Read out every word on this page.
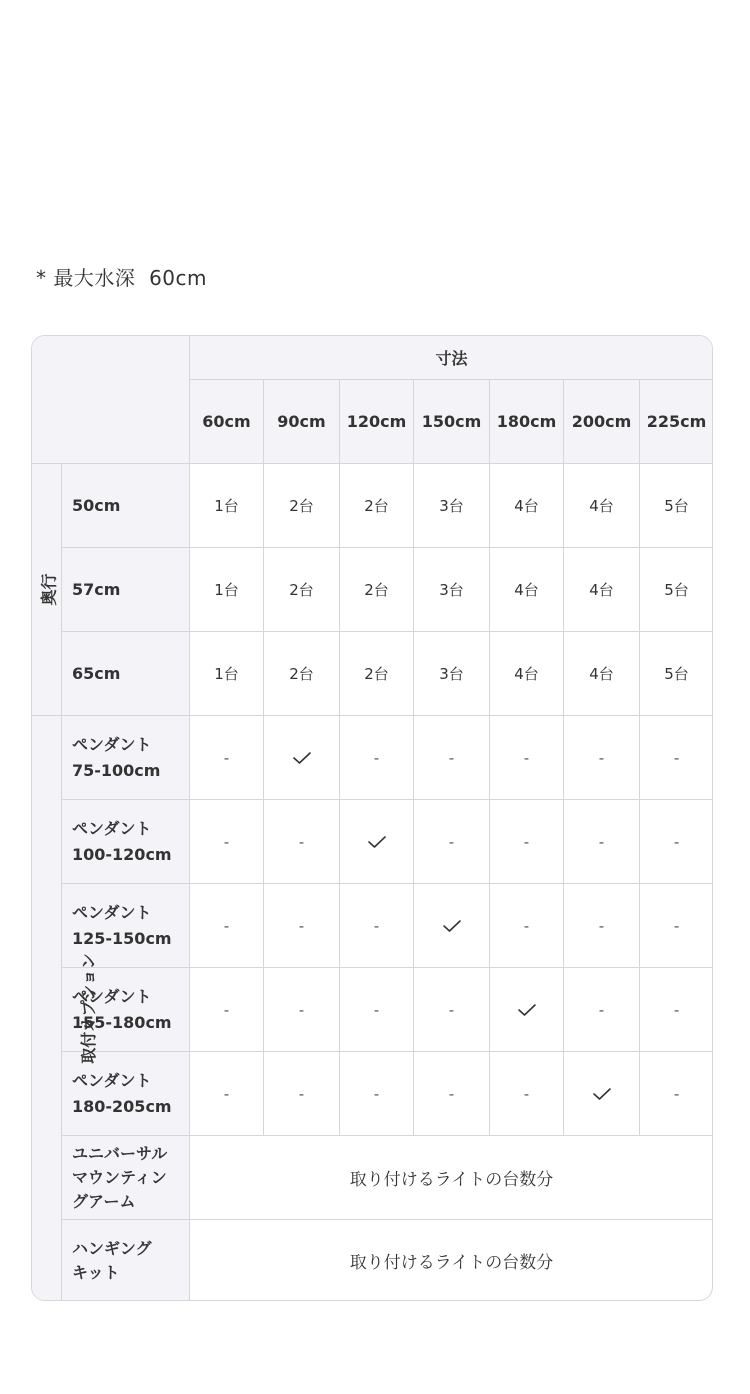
* 最大水深  60cm
		寸法						
		60cm	90cm	120cm	150cm	180cm	200cm	225cm
奥行	50cm	1台	2台	2台	3台	4台	4台	5台
	57cm	1台	2台	2台	3台	4台	4台	5台
	65cm	1台	2台	2台	3台	4台	4台	5台
取付オプション	ペンダント
75-100cm	-		-	-	-	-	-

	ペンダント
100-120cm	-	-		-	-	-	-

	ペンダント
125-150cm	-	-	-		-	-	-

	ペンダント
155-180cm	-	-	-	-		-	-

	ペンダント
180-205cm	-	-	-	-	-		-

	ユニバーサル
マウンティン
グアーム	取り付けるライトの台数分						

	ハンギング
キット	取り付けるライトの台数分						
